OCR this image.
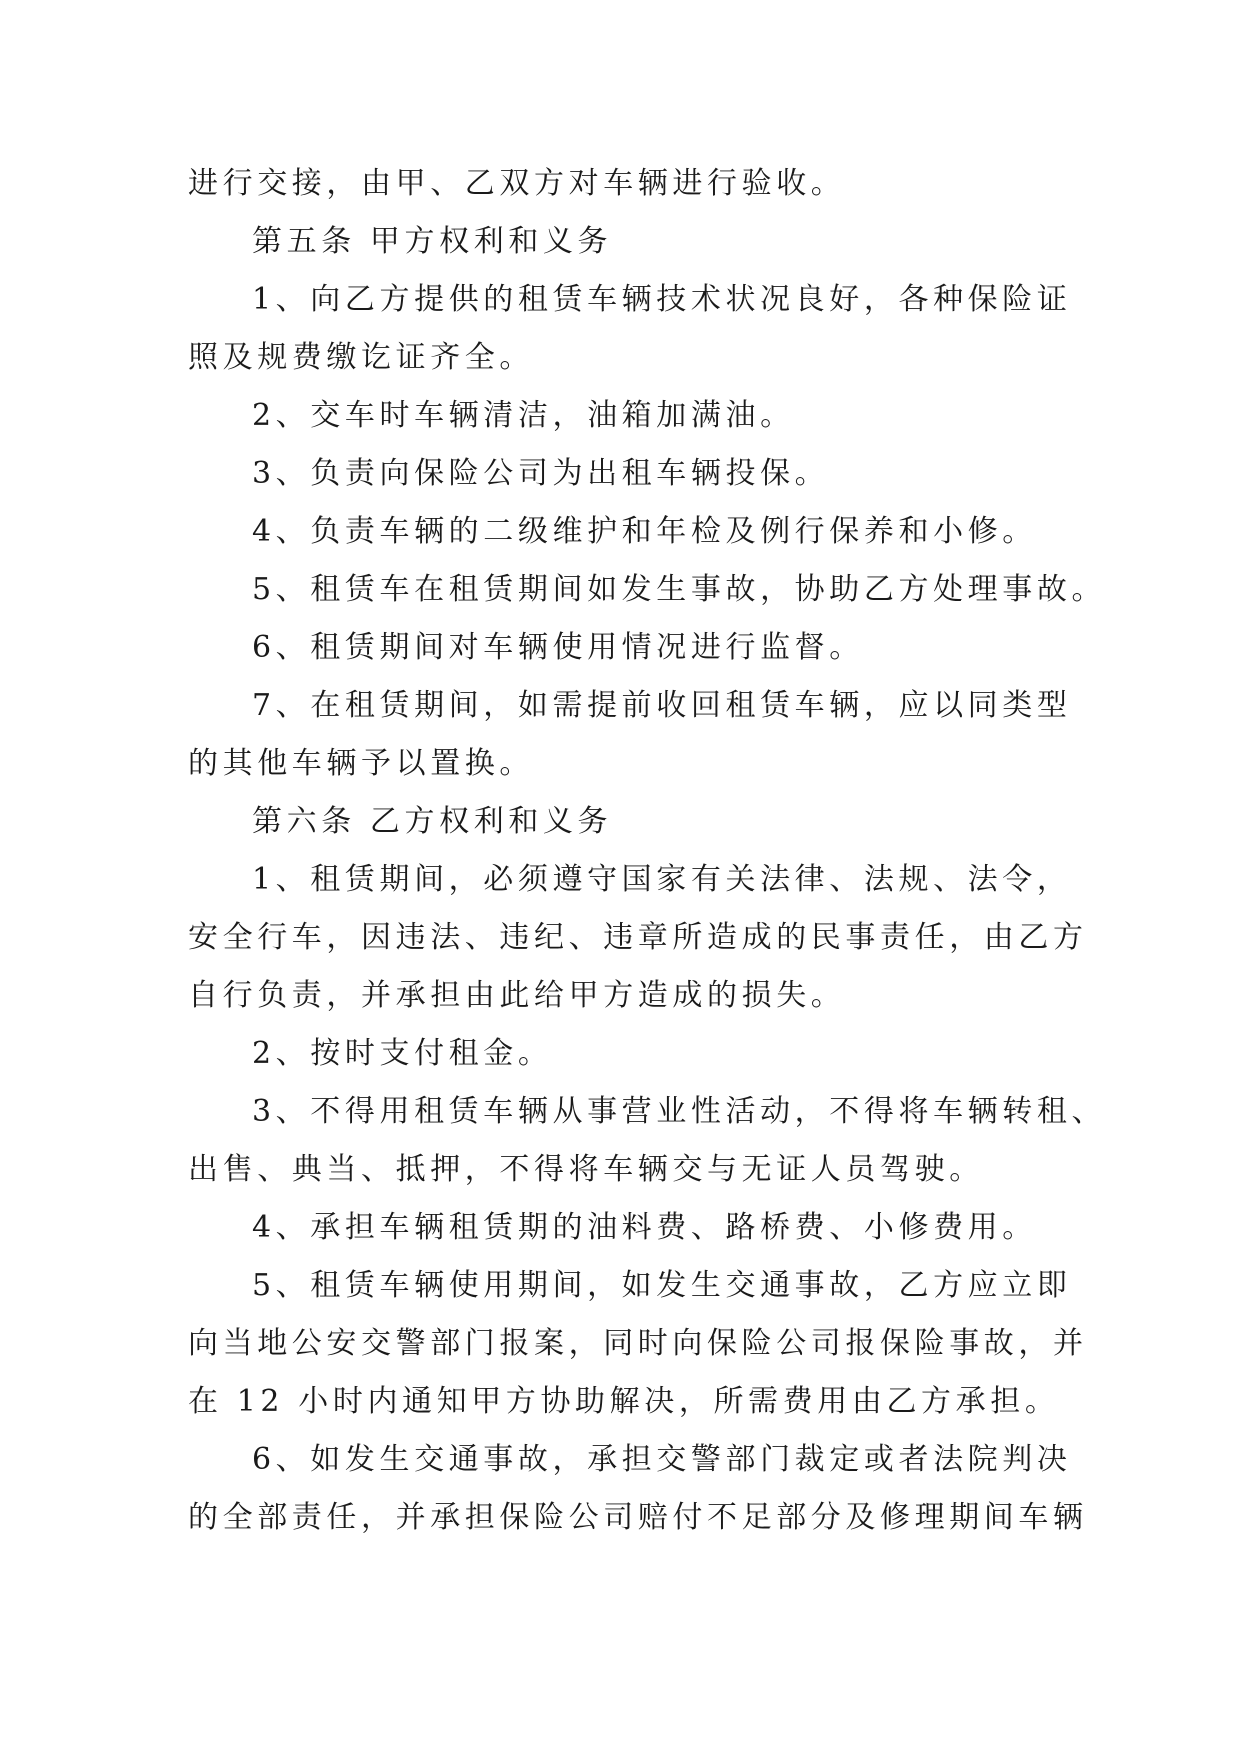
进行交接，由甲、乙双方对车辆进行验收。

第五条 甲方权利和义务

1、向乙方提供的租赁车辆技术状况良好，各种保险证

照及规费缴讫证齐全。

2、交车时车辆清洁，油箱加满油。

3、负责向保险公司为出租车辆投保。

4、负责车辆的二级维护和年检及例行保养和小修。

5、租赁车在租赁期间如发生事故，协助乙方处理事故。

6、租赁期间对车辆使用情况进行监督。

7、在租赁期间，如需提前收回租赁车辆，应以同类型

的其他车辆予以置换。

第六条 乙方权利和义务

1、租赁期间，必须遵守国家有关法律、法规、法令，

安全行车，因违法、违纪、违章所造成的民事责任，由乙方

自行负责，并承担由此给甲方造成的损失。

2、按时支付租金。

3、不得用租赁车辆从事营业性活动，不得将车辆转租、

出售、典当、抵押，不得将车辆交与无证人员驾驶。

4、承担车辆租赁期的油料费、路桥费、小修费用。

5、租赁车辆使用期间，如发生交通事故，乙方应立即

向当地公安交警部门报案，同时向保险公司报保险事故，并

在 12 小时内通知甲方协助解决，所需费用由乙方承担。

6、如发生交通事故，承担交警部门裁定或者法院判决

的全部责任，并承担保险公司赔付不足部分及修理期间车辆
